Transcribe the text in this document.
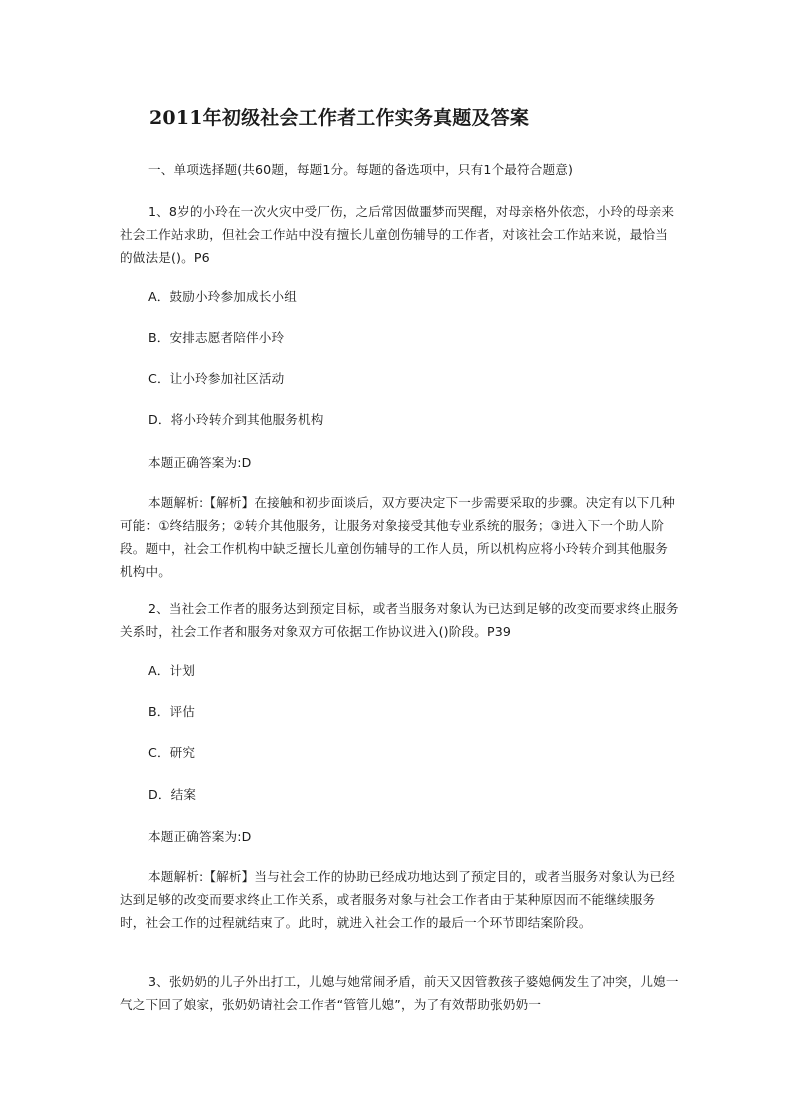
2011年初级社会工作者工作实务真题及答案
一、单项选择题(共60题，每题1分。每题的备选项中，只有1个最符合题意)
1、8岁的小玲在一次火灾中受厂伤，之后常因做噩梦而哭醒，对母亲格外依恋，小玲的母亲来社会工作站求助，但社会工作站中没有擅长儿童创伤辅导的工作者，对该社会工作站来说，最恰当的做法是()。P6
A．鼓励小玲参加成长小组
B．安排志愿者陪伴小玲
C．让小玲参加社区活动
D．将小玲转介到其他服务机构
本题正确答案为:D
本题解析:【解析】在接触和初步面谈后，双方要决定下一步需要采取的步骤。决定有以下几种可能：①终结服务；②转介其他服务，让服务对象接受其他专业系统的服务；③进入下一个助人阶段。题中，社会工作机构中缺乏擅长儿童创伤辅导的工作人员，所以机构应将小玲转介到其他服务机构中。
2、当社会工作者的服务达到预定目标，或者当服务对象认为已达到足够的改变而要求终止服务关系时，社会工作者和服务对象双方可依据工作协议进入()阶段。P39
A．计划
B．评估
C．研究
D．结案
本题正确答案为:D
本题解析:【解析】当与社会工作的协助已经成功地达到了预定目的，或者当服务对象认为已经达到足够的改变而要求终止工作关系，或者服务对象与社会工作者由于某种原因而不能继续服务时，社会工作的过程就结束了。此时，就进入社会工作的最后一个环节即结案阶段。
3、张奶奶的儿子外出打工，儿媳与她常闹矛盾，前天又因管教孩子婆媳俩发生了冲突，儿媳一气之下回了娘家，张奶奶请社会工作者“管管儿媳”，为了有效帮助张奶奶一
